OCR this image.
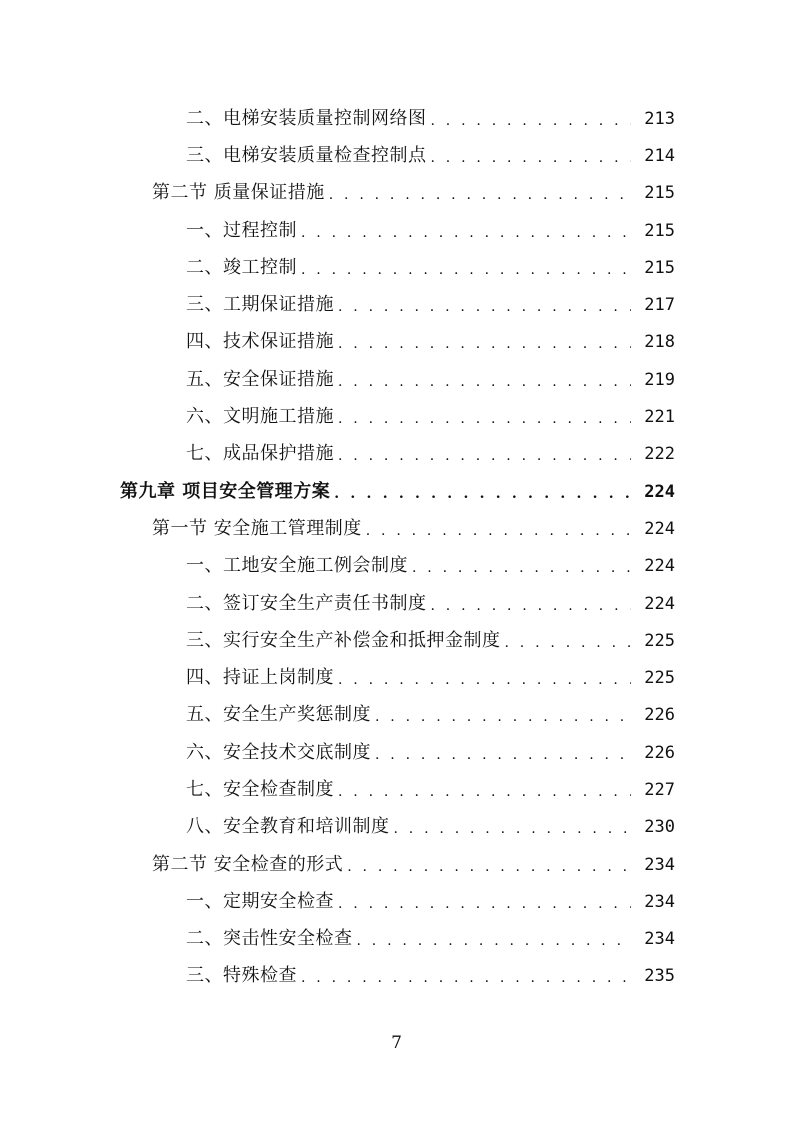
二、电梯安装质量控制网络图 . . .	213
三、电梯安装质量检查控制点 . . .	214
第二节 质量保证措施 . . .	215
一、过程控制 . . .	215
二、竣工控制 . . .	215
三、工期保证措施 . . .	217
四、技术保证措施 . . .	218
五、安全保证措施 . . .	219
六、文明施工措施 . . .	221
七、成品保护措施 . . .	222
第九章 项目安全管理方案 . . .	224
第一节 安全施工管理制度 . . .	224
一、工地安全施工例会制度 . . .	224
二、签订安全生产责任书制度 . . .	224
三、实行安全生产补偿金和抵押金制度 . . .	225
四、持证上岗制度 . . .	225
五、安全生产奖惩制度 . . .	226
六、安全技术交底制度 . . .	226
七、安全检查制度 . . .	227
八、安全教育和培训制度 . . .	230
第二节 安全检查的形式 . . .	234
一、定期安全检查 . . .	234
二、突击性安全检查 . . .	234
三、特殊检查 . . .	235
7
